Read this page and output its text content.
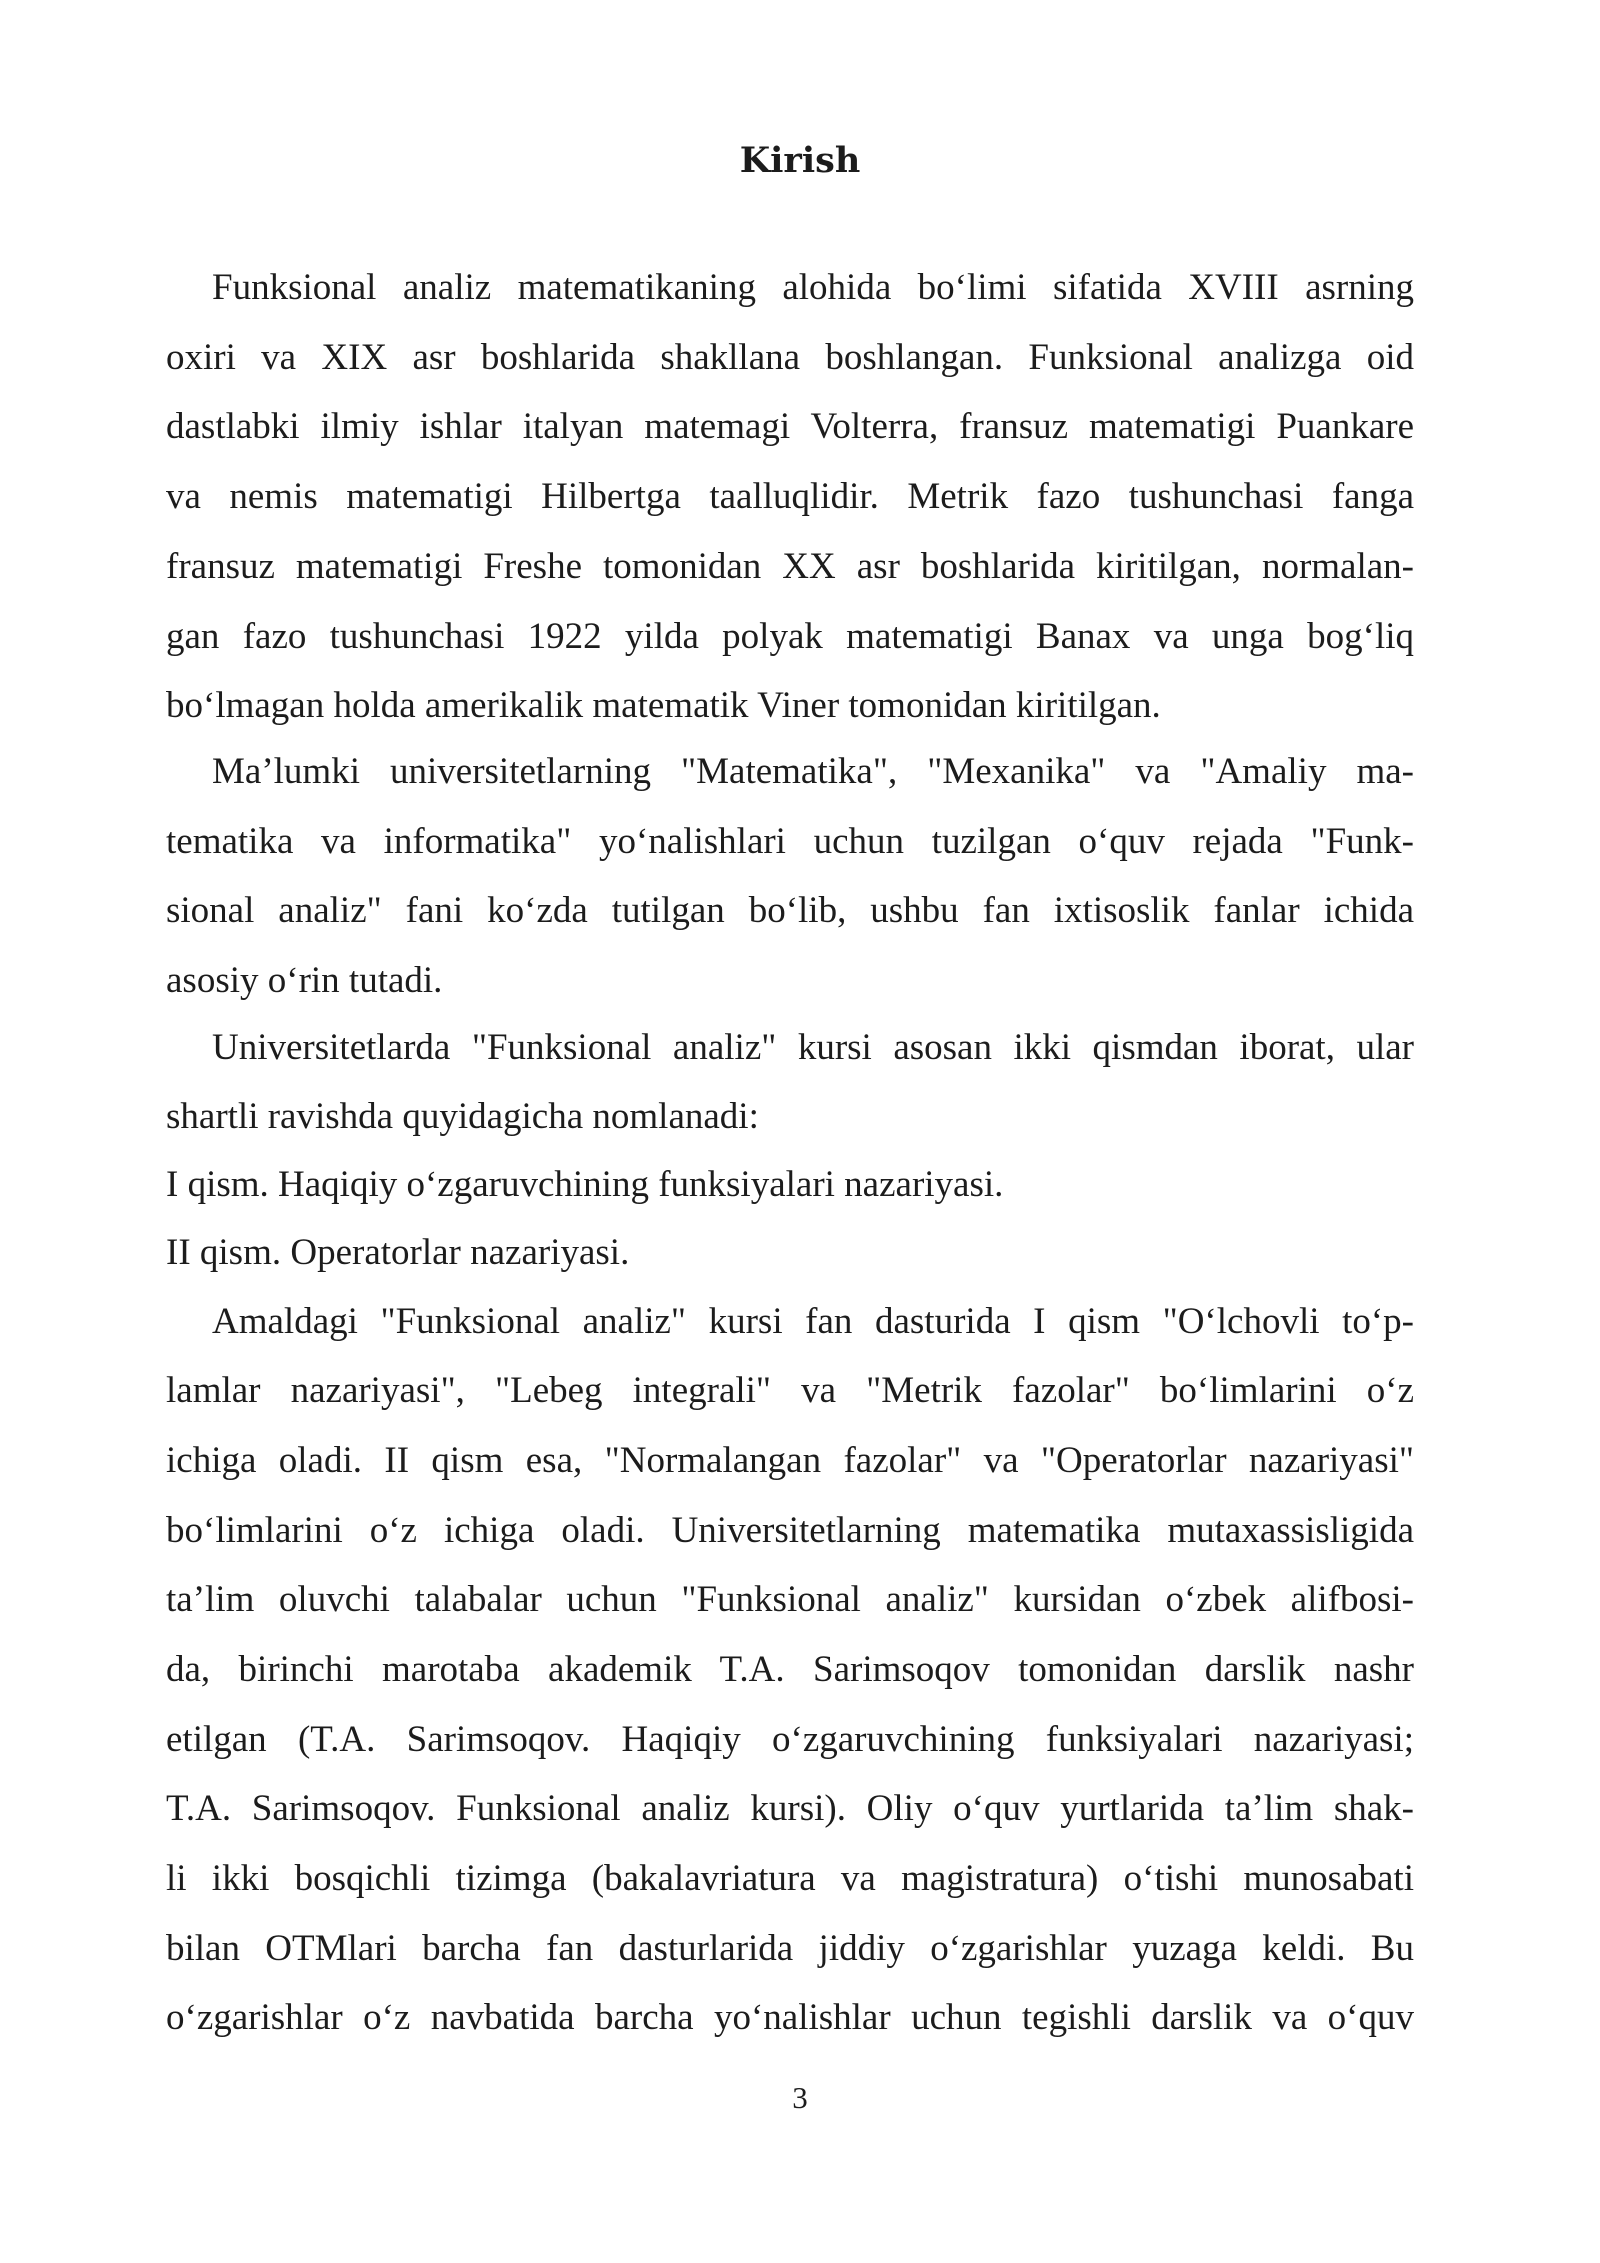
Kirish
Funksional analiz matematikaning alohida bo‘limi sifatida XVIII asrning
oxiri va XIX asr boshlarida shakllana boshlangan. Funksional analizga oid
dastlabki ilmiy ishlar italyan matemagi Volterra, fransuz matematigi Puankare
va nemis matematigi Hilbertga taalluqlidir. Metrik fazo tushunchasi fanga
fransuz matematigi Freshe tomonidan XX asr boshlarida kiritilgan, normalan-
gan fazo tushunchasi 1922 yilda polyak matematigi Banax va unga bog‘liq
bo‘lmagan holda amerikalik matematik Viner tomonidan kiritilgan.
Ma’lumki universitetlarning "Matematika", "Mexanika" va "Amaliy ma-
tematika va informatika" yo‘nalishlari uchun tuzilgan o‘quv rejada "Funk-
sional analiz" fani ko‘zda tutilgan bo‘lib, ushbu fan ixtisoslik fanlar ichida
asosiy o‘rin tutadi.
Universitetlarda "Funksional analiz" kursi asosan ikki qismdan iborat, ular
shartli ravishda quyidagicha nomlanadi:
I qism. Haqiqiy o‘zgaruvchining funksiyalari nazariyasi.
II qism. Operatorlar nazariyasi.
Amaldagi "Funksional analiz" kursi fan dasturida I qism "O‘lchovli to‘p-
lamlar nazariyasi", "Lebeg integrali" va "Metrik fazolar" bo‘limlarini o‘z
ichiga oladi. II qism esa, "Normalangan fazolar" va "Operatorlar nazariyasi"
bo‘limlarini o‘z ichiga oladi. Universitetlarning matematika mutaxassisligida
ta’lim oluvchi talabalar uchun "Funksional analiz" kursidan o‘zbek alifbosi-
da, birinchi marotaba akademik T.A. Sarimsoqov tomonidan darslik nashr
etilgan (T.A. Sarimsoqov. Haqiqiy o‘zgaruvchining funksiyalari nazariyasi;
T.A. Sarimsoqov. Funksional analiz kursi). Oliy o‘quv yurtlarida ta’lim shak-
li ikki bosqichli tizimga (bakalavriatura va magistratura) o‘tishi munosabati
bilan OTMlari barcha fan dasturlarida jiddiy o‘zgarishlar yuzaga keldi. Bu
o‘zgarishlar o‘z navbatida barcha yo‘nalishlar uchun tegishli darslik va o‘quv
3
